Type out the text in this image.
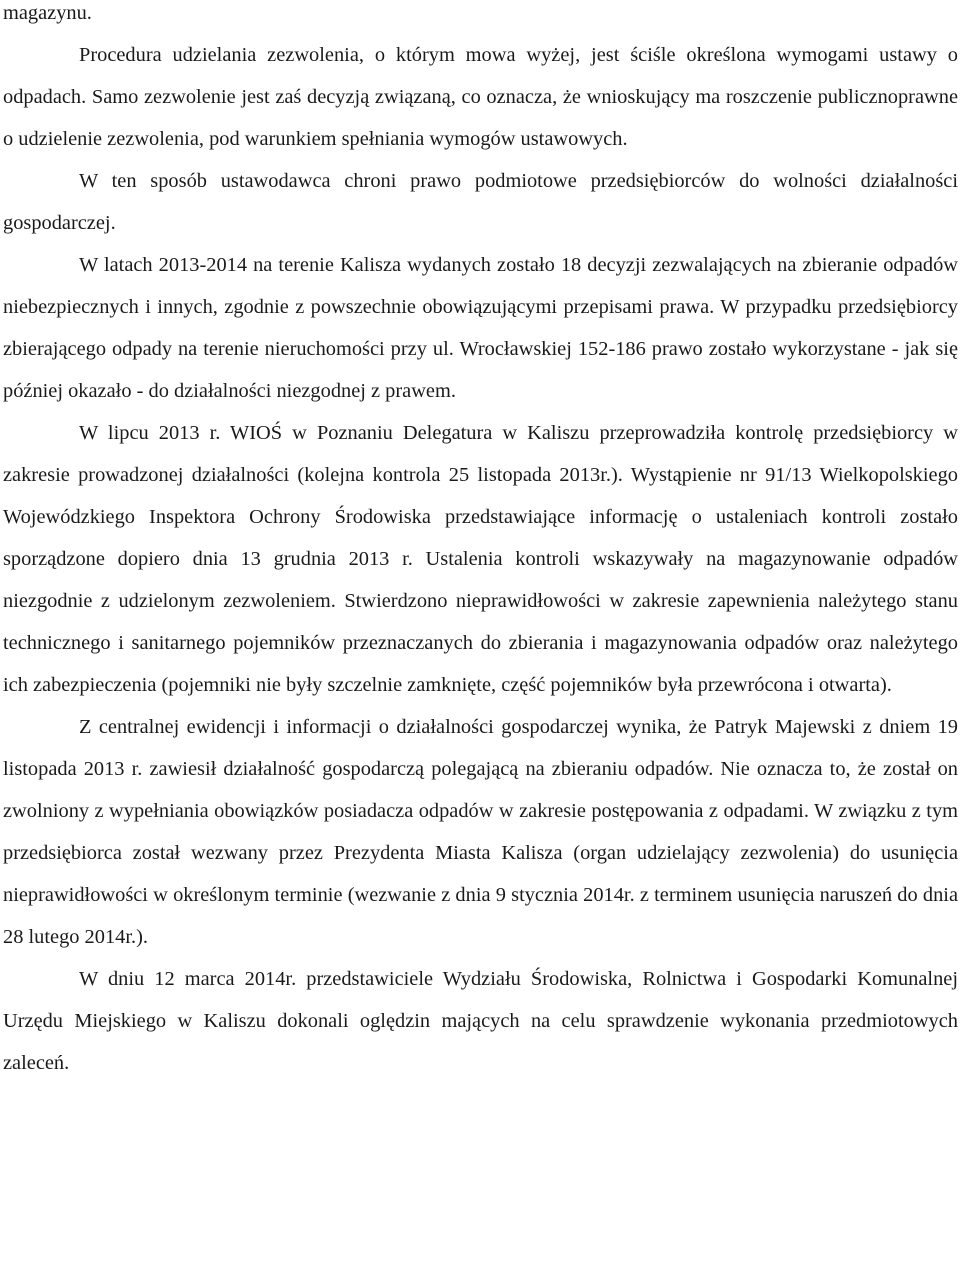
magazynu.

Procedura udzielania zezwolenia, o którym mowa wyżej, jest ściśle określona wymogami ustawy o odpadach. Samo zezwolenie jest zaś decyzją związaną, co oznacza, że wnioskujący ma roszczenie publicznoprawne o udzielenie zezwolenia, pod warunkiem spełniania wymogów ustawowych.

W ten sposób ustawodawca chroni prawo podmiotowe przedsiębiorców do wolności działalności gospodarczej.

W latach 2013-2014 na terenie Kalisza wydanych zostało 18 decyzji zezwalających na zbieranie odpadów niebezpiecznych i innych, zgodnie z powszechnie obowiązującymi przepisami prawa. W przypadku przedsiębiorcy zbierającego odpady na terenie nieruchomości przy ul. Wrocławskiej 152-186 prawo zostało wykorzystane - jak się później okazało - do działalności niezgodnej z prawem.

W lipcu 2013 r. WIOŚ w Poznaniu Delegatura w Kaliszu przeprowadziła kontrolę przedsiębiorcy w zakresie prowadzonej działalności (kolejna kontrola 25 listopada 2013r.). Wystąpienie nr 91/13 Wielkopolskiego Wojewódzkiego Inspektora Ochrony Środowiska przedstawiające informację o ustaleniach kontroli zostało sporządzone dopiero dnia 13 grudnia 2013 r. Ustalenia kontroli wskazywały na magazynowanie odpadów niezgodnie z udzielonym zezwoleniem. Stwierdzono nieprawidłowości w zakresie zapewnienia należytego stanu technicznego i sanitarnego pojemników przeznaczanych do zbierania i magazynowania odpadów oraz należytego ich zabezpieczenia (pojemniki nie były szczelnie zamknięte, część pojemników była przewrócona i otwarta).

Z centralnej ewidencji i informacji o działalności gospodarczej wynika, że Patryk Majewski z dniem 19 listopada 2013 r. zawiesił działalność gospodarczą polegającą na zbieraniu odpadów. Nie oznacza to, że został on zwolniony z wypełniania obowiązków posiadacza odpadów w zakresie postępowania z odpadami. W związku z tym przedsiębiorca został wezwany przez Prezydenta Miasta Kalisza (organ udzielający zezwolenia) do usunięcia nieprawidłowości w określonym terminie (wezwanie z dnia 9 stycznia 2014r. z terminem usunięcia naruszeń do dnia 28 lutego 2014r.).

W dniu 12 marca 2014r. przedstawiciele Wydziału Środowiska, Rolnictwa i Gospodarki Komunalnej Urzędu Miejskiego w Kaliszu dokonali oględzin mających na celu sprawdzenie wykonania przedmiotowych zaleceń.
